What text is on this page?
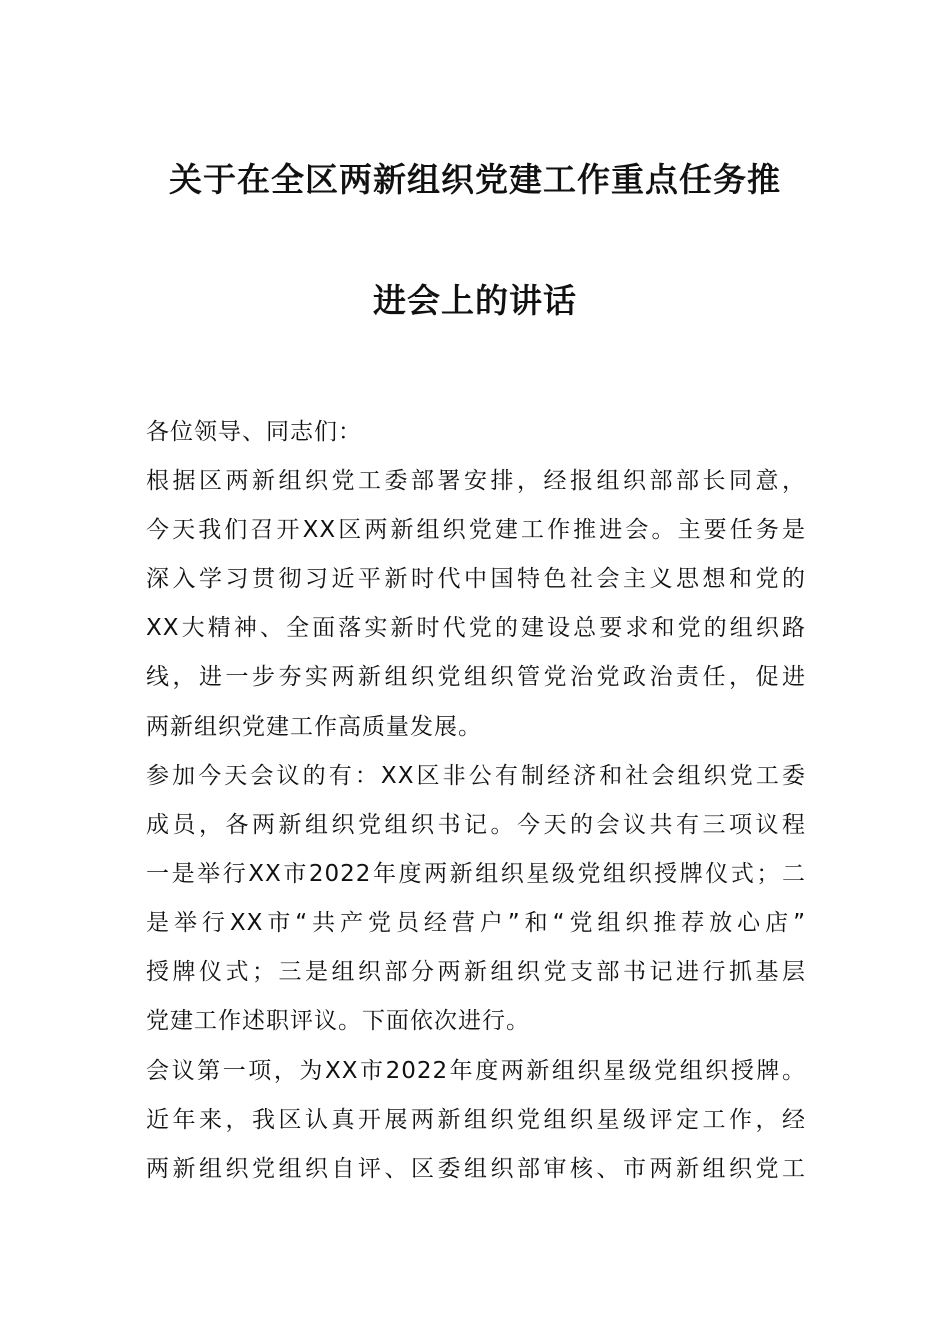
关于在全区两新组织党建工作重点任务推
进会上的讲话
各位领导、同志们：
根据区两新组织党工委部署安排，经报组织部部长同意，
今天我们召开XX区两新组织党建工作推进会。主要任务是
深入学习贯彻习近平新时代中国特色社会主义思想和党的
XX大精神、全面落实新时代党的建设总要求和党的组织路
线，进一步夯实两新组织党组织管党治党政治责任，促进
两新组织党建工作高质量发展。
参加今天会议的有：XX区非公有制经济和社会组织党工委
成员，各两新组织党组织书记。今天的会议共有三项议程
一是举行XX市2022年度两新组织星级党组织授牌仪式；二
是举行XX市“共产党员经营户”和“党组织推荐放心店”
授牌仪式；三是组织部分两新组织党支部书记进行抓基层
党建工作述职评议。下面依次进行。
会议第一项，为XX市2022年度两新组织星级党组织授牌。
近年来，我区认真开展两新组织党组织星级评定工作，经
两新组织党组织自评、区委组织部审核、市两新组织党工
